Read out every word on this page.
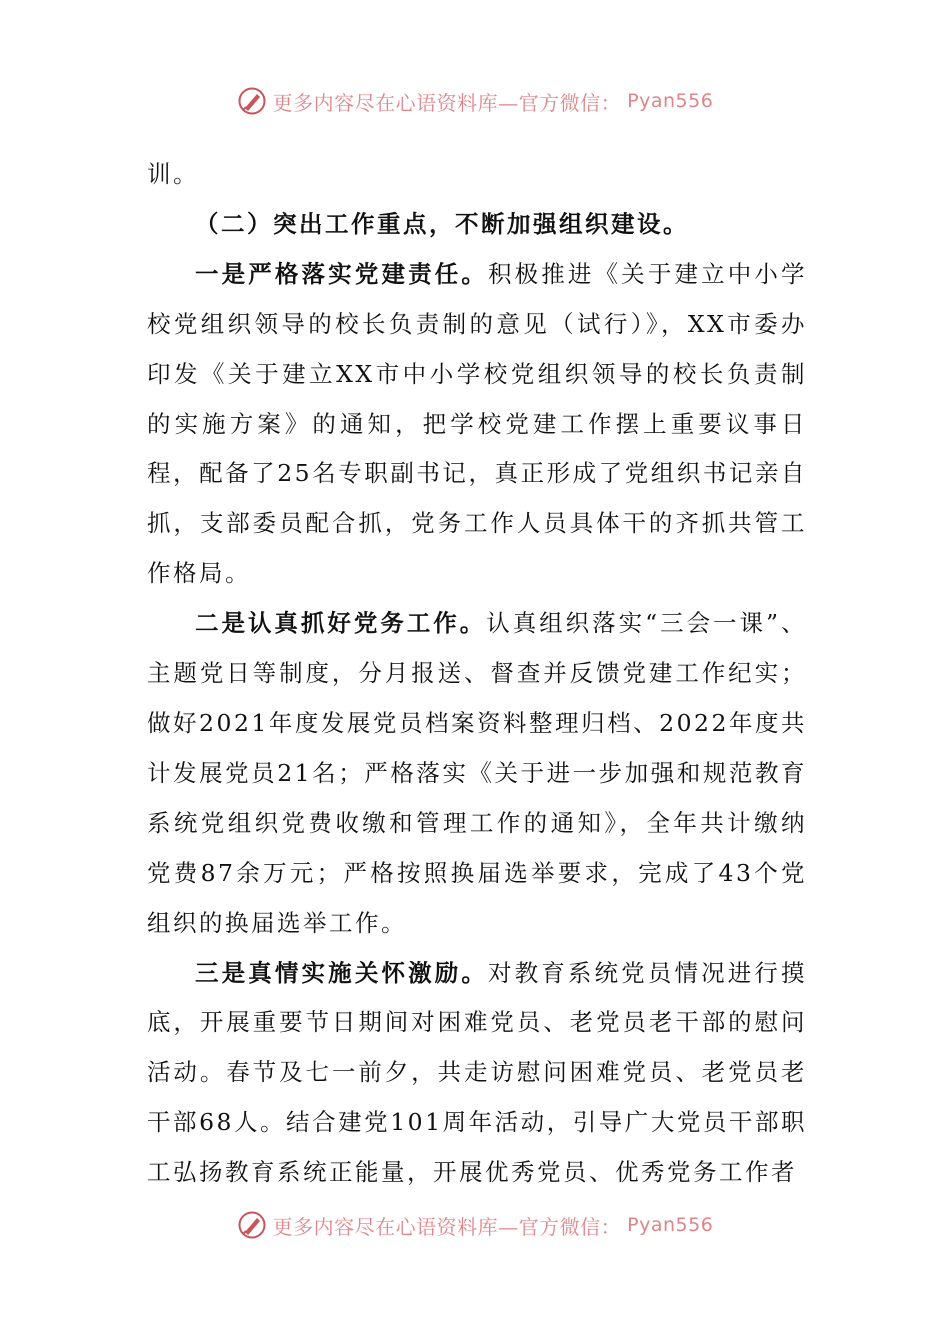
更多内容尽在心语资料库—官方微信： Pyan556

训。

（二）突出工作重点，不断加强组织建设。

一是严格落实党建责任。积极推进《关于建立中小学校党组织领导的校长负责制的意见（试行）》，XX市委办印发《关于建立XX市中小学校党组织领导的校长负责制的实施方案》的通知，把学校党建工作摆上重要议事日程，配备了25名专职副书记，真正形成了党组织书记亲自抓，支部委员配合抓，党务工作人员具体干的齐抓共管工作格局。

二是认真抓好党务工作。认真组织落实“三会一课”、主题党日等制度，分月报送、督查并反馈党建工作纪实；做好2021年度发展党员档案资料整理归档、2022年度共计发展党员21名；严格落实《关于进一步加强和规范教育系统党组织党费收缴和管理工作的通知》，全年共计缴纳党费87余万元；严格按照换届选举要求，完成了43个党组织的换届选举工作。

三是真情实施关怀激励。对教育系统党员情况进行摸底，开展重要节日期间对困难党员、老党员老干部的慰问活动。春节及七一前夕，共走访慰问困难党员、老党员老干部68人。结合建党101周年活动，引导广大党员干部职工弘扬教育系统正能量，开展优秀党员、优秀党务工作者

更多内容尽在心语资料库—官方微信： Pyan556
